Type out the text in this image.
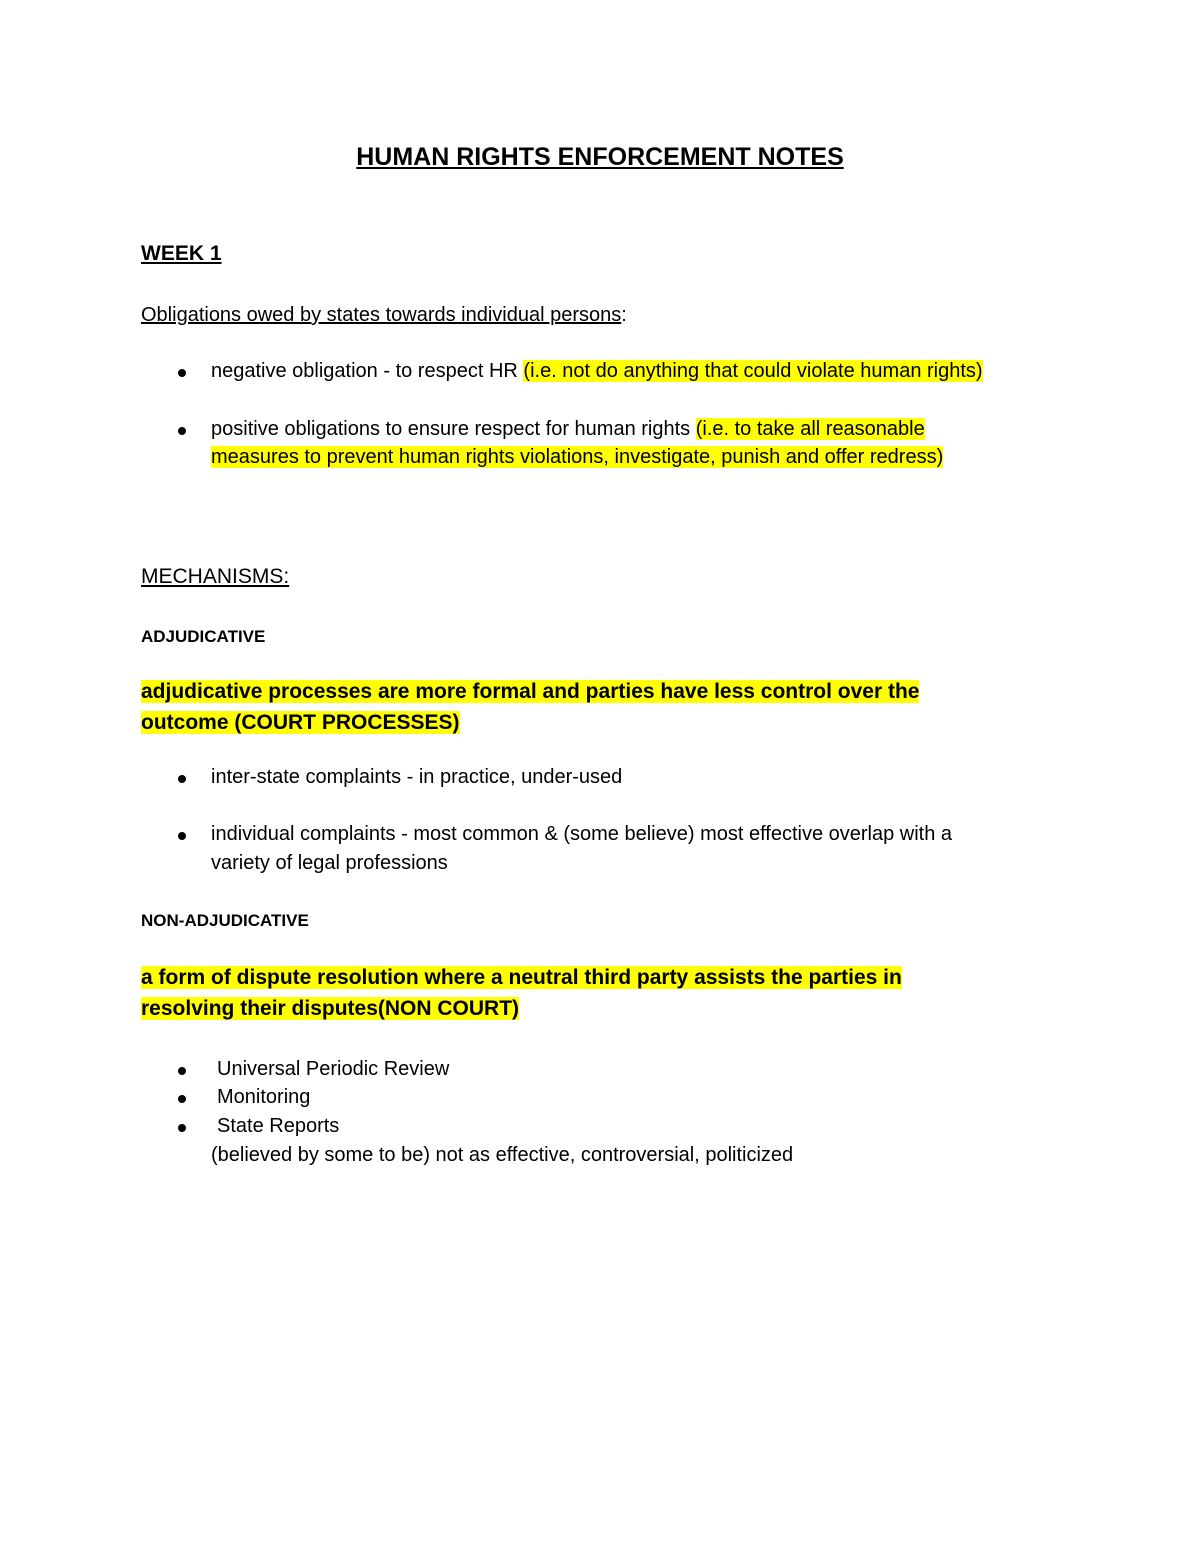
HUMAN RIGHTS ENFORCEMENT NOTES
WEEK 1
Obligations owed by states towards individual persons:
negative obligation - to respect HR (i.e. not do anything that could violate human rights)
positive obligations to ensure respect for human rights (i.e. to take all reasonable
measures to prevent human rights violations, investigate, punish and offer redress)
MECHANISMS:
ADJUDICATIVE
adjudicative processes are more formal and parties have less control over the
outcome (COURT PROCESSES)
inter-state complaints - in practice, under-used
individual complaints - most common & (some believe) most effective overlap with a
variety of legal professions
NON-ADJUDICATIVE
a form of dispute resolution where a neutral third party assists the parties in
resolving their disputes(NON COURT)
Universal Periodic Review
Monitoring
State Reports
(believed by some to be) not as effective, controversial, politicized
